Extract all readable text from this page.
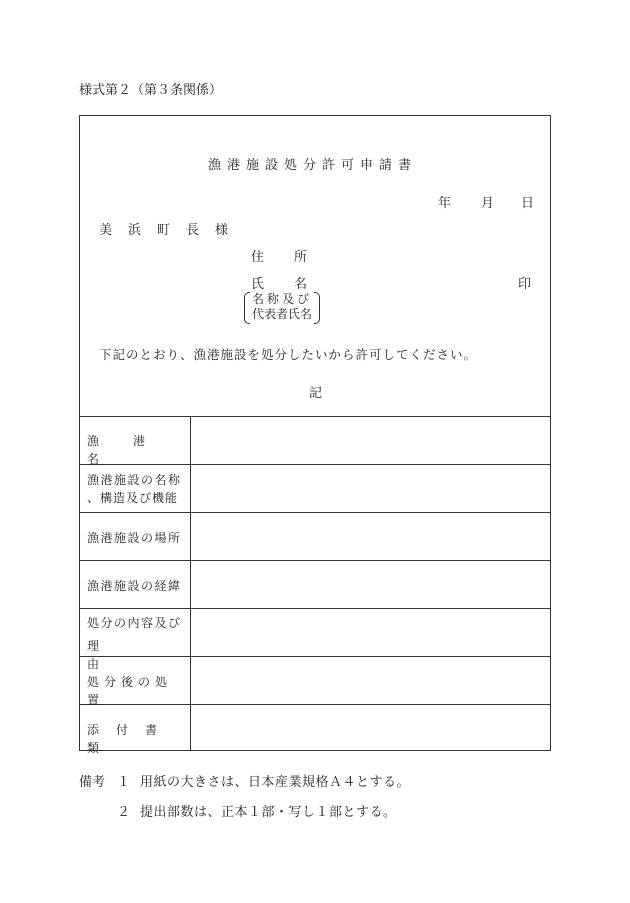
様式第２（第３条関係）
漁港施設処分許可申請書
年 月 日
美浜町長様
住所
氏名	印
名称及び
代表者氏名
下記のとおり、漁港施設を処分したいから許可してください。
記
漁港名
漁港施設の名称
、構造及び機能
漁港施設の場所
漁港施設の経緯
処分の内容及び
理由
処分後の処置
添付書類
備考 １ 用紙の大きさは、日本産業規格Ａ４とする。
２ 提出部数は、正本１部・写し１部とする。
